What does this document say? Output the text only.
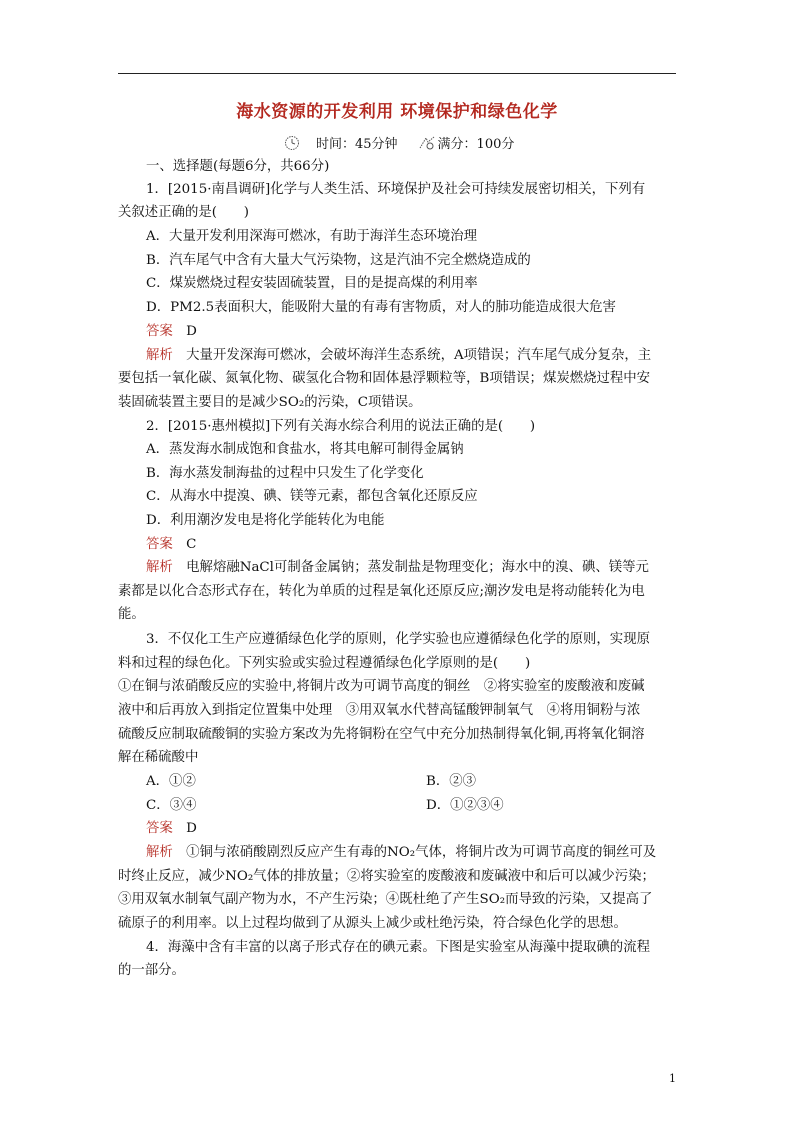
海水资源的开发利用 环境保护和绿色化学
时间：45分钟	满分：100分
一、选择题(每题6分，共66分)
1．[2015·南昌调研]化学与人类生活、环境保护及社会可持续发展密切相关，下列有
关叙述正确的是(　　)
A．大量开发利用深海可燃冰，有助于海洋生态环境治理
B．汽车尾气中含有大量大气污染物，这是汽油不完全燃烧造成的
C．煤炭燃烧过程安装固硫装置，目的是提高煤的利用率
D．PM2.5表面积大，能吸附大量的有毒有害物质，对人的肺功能造成很大危害
答案　 D
解析　 大量开发深海可燃冰，会破坏海洋生态系统，A项错误；汽车尾气成分复杂，主
要包括一氧化碳、氮氧化物、碳氢化合物和固体悬浮颗粒等，B项错误；煤炭燃烧过程中安
装固硫装置主要目的是减少SO₂的污染，C项错误。
2．[2015·惠州模拟]下列有关海水综合利用的说法正确的是(　　)
A．蒸发海水制成饱和食盐水，将其电解可制得金属钠
B．海水蒸发制海盐的过程中只发生了化学变化
C．从海水中提溴、碘、镁等元素，都包含氧化还原反应
D．利用潮汐发电是将化学能转化为电能
答案　 C
解析　 电解熔融NaCl可制备金属钠；蒸发制盐是物理变化；海水中的溴、碘、镁等元
素都是以化合态形式存在，转化为单质的过程是氧化还原反应;潮汐发电是将动能转化为电
能。
3．不仅化工生产应遵循绿色化学的原则，化学实验也应遵循绿色化学的原则，实现原
料和过程的绿色化。下列实验或实验过程遵循绿色化学原则的是(　　)
①在铜与浓硝酸反应的实验中,将铜片改为可调节高度的铜丝　②将实验室的废酸液和废碱
液中和后再放入到指定位置集中处理　③用双氧水代替高锰酸钾制氧气　④将用铜粉与浓
硫酸反应制取硫酸铜的实验方案改为先将铜粉在空气中充分加热制得氧化铜,再将氧化铜溶
解在稀硫酸中
A．①②	B．②③
C．③④	D．①②③④
答案　 D
解析　 ①铜与浓硝酸剧烈反应产生有毒的NO₂气体，将铜片改为可调节高度的铜丝可及
时终止反应，减少NO₂气体的排放量；②将实验室的废酸液和废碱液中和后可以减少污染；
③用双氧水制氧气副产物为水，不产生污染；④既杜绝了产生SO₂而导致的污染，又提高了
硫原子的利用率。以上过程均做到了从源头上减少或杜绝污染，符合绿色化学的思想。
4．海藻中含有丰富的以离子形式存在的碘元素。下图是实验室从海藻中提取碘的流程
的一部分。
1
